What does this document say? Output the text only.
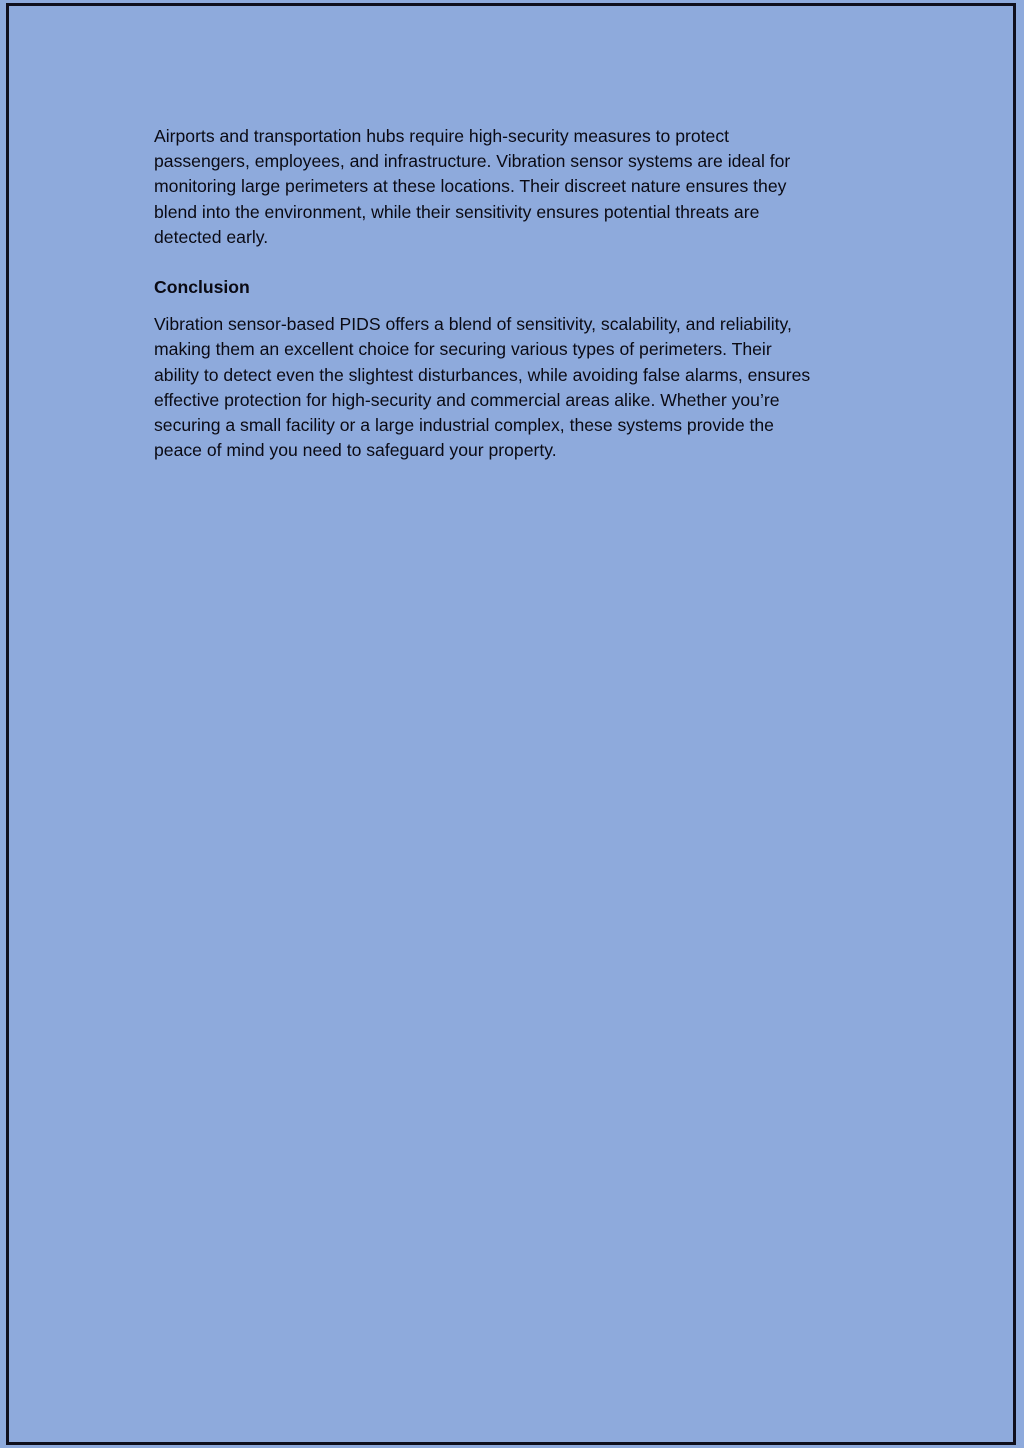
Airports and transportation hubs require high-security measures to protect
passengers, employees, and infrastructure. Vibration sensor systems are ideal for
monitoring large perimeters at these locations. Their discreet nature ensures they
blend into the environment, while their sensitivity ensures potential threats are
detected early.

Conclusion

Vibration sensor-based PIDS offers a blend of sensitivity, scalability, and reliability,
making them an excellent choice for securing various types of perimeters. Their
ability to detect even the slightest disturbances, while avoiding false alarms, ensures
effective protection for high-security and commercial areas alike. Whether you’re
securing a small facility or a large industrial complex, these systems provide the
peace of mind you need to safeguard your property.
